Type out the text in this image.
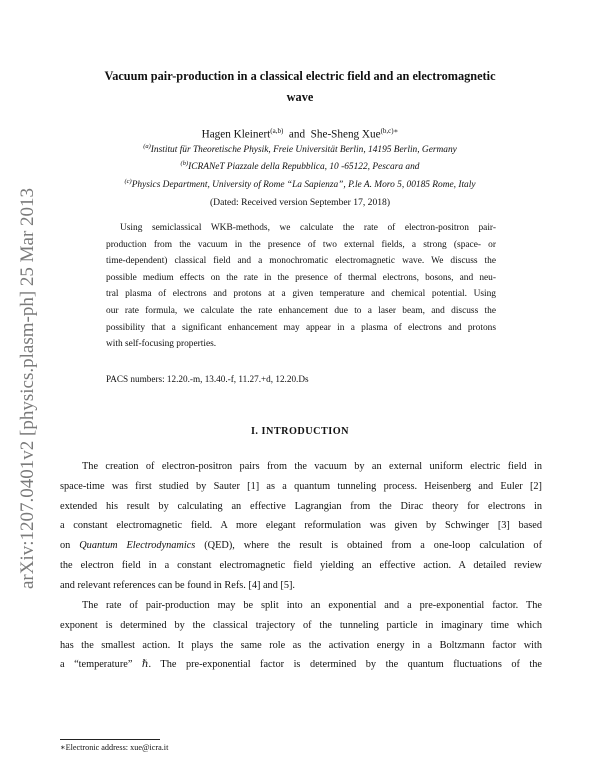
arXiv:1207.0401v2 [physics.plasm-ph] 25 Mar 2013
Vacuum pair-production in a classical electric field and an electromagnetic
wave
Hagen Kleinert$^{(a,b)}$ and She-Sheng Xue$^{(b,c)∗}$
$^{(a)}$Institut für Theoretische Physik, Freie Universität Berlin, 14195 Berlin, Germany
$^{(b)}$ICRANeT Piazzale della Repubblica, 10 -65122, Pescara and
$^{(c)}$Physics Department, University of Rome “La Sapienza”, P.le A. Moro 5, 00185 Rome, Italy
(Dated: Received version September 17, 2018)
Using semiclassical WKB-methods, we calculate the rate of electron-positron pair-
production from the vacuum in the presence of two external fields, a strong (space- or
time-dependent) classical field and a monochromatic electromagnetic wave. We discuss the
possible medium effects on the rate in the presence of thermal electrons, bosons, and neu-
tral plasma of electrons and protons at a given temperature and chemical potential. Using
our rate formula, we calculate the rate enhancement due to a laser beam, and discuss the
possibility that a significant enhancement may appear in a plasma of electrons and protons
with self-focusing properties.
PACS numbers: 12.20.-m, 13.40.-f, 11.27.+d, 12.20.Ds
I. INTRODUCTION
The creation of electron-positron pairs from the vacuum by an external uniform electric field in
space-time was first studied by Sauter [1] as a quantum tunneling process. Heisenberg and Euler [2]
extended his result by calculating an effective Lagrangian from the Dirac theory for electrons in
a constant electromagnetic field. A more elegant reformulation was given by Schwinger [3] based
on Quantum Electrodynamics (QED), where the result is obtained from a one-loop calculation of
the electron field in a constant electromagnetic field yielding an effective action. A detailed review
and relevant references can be found in Refs. [4] and [5].
The rate of pair-production may be split into an exponential and a pre-exponential factor. The
exponent is determined by the classical trajectory of the tunneling particle in imaginary time which
has the smallest action. It plays the same role as the activation energy in a Boltzmann factor with
a “temperature” ℏ. The pre-exponential factor is determined by the quantum fluctuations of the
∗Electronic address: xue@icra.it
